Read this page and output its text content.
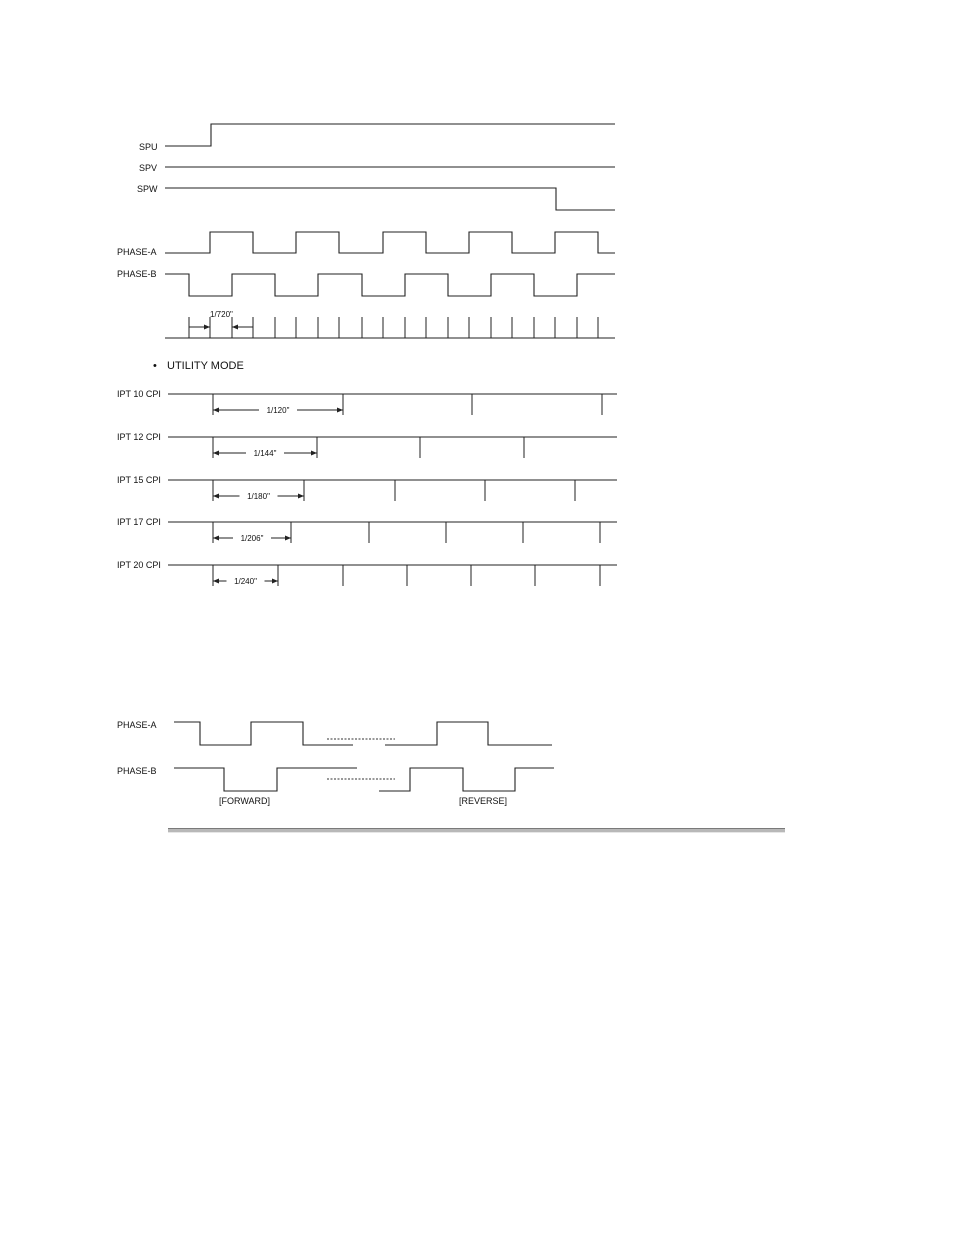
SPU
SPV
SPW
PHASE-A
PHASE-B
1/720"
• UTILITY MODE
IPT 10 CPI
1/120"
IPT 12 CPI
1/144"
IPT 15 CPI
1/180"
IPT 17 CPI
1/206"
IPT 20 CPI
1/240"
PHASE-A
PHASE-B
[FORWARD]	[REVERSE]
